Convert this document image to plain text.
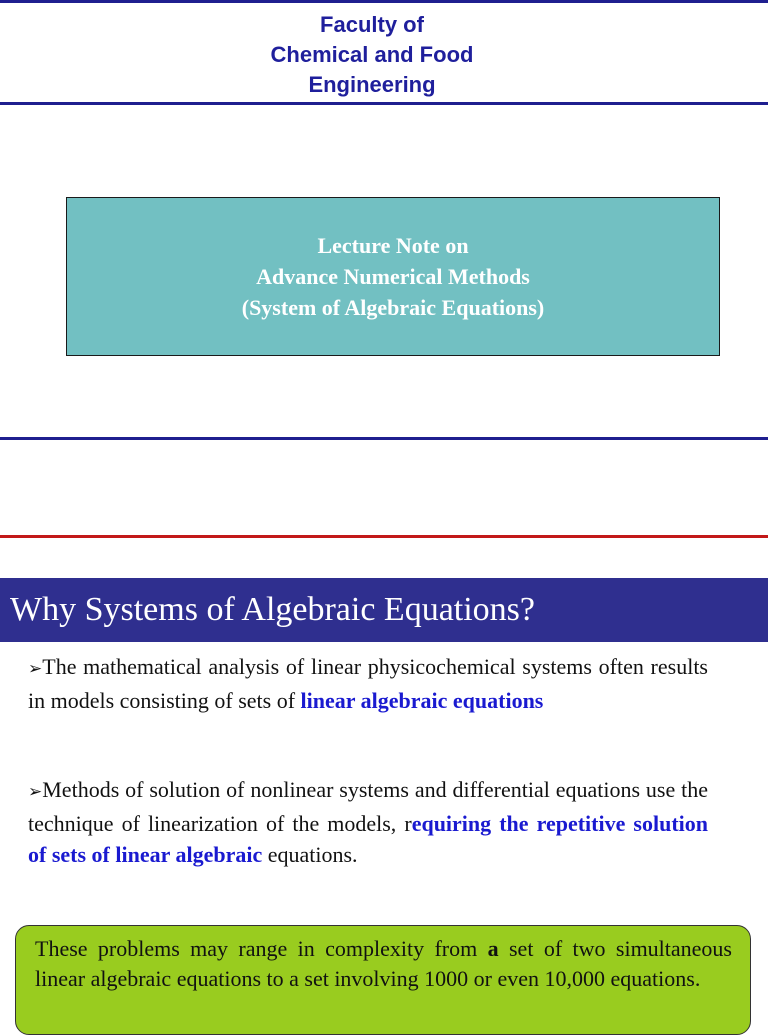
Faculty of
Chemical and Food
Engineering
Lecture Note on
Advance Numerical Methods
(System of Algebraic Equations)
Why Systems of Algebraic Equations?
➢The mathematical analysis of linear physicochemical systems often results in models consisting of sets of linear algebraic equations
➢Methods of solution of nonlinear systems and differential equations use the technique of linearization of the models, requiring the repetitive solution of sets of linear algebraic equations.
These problems may range in complexity from a set of two simultaneous linear algebraic equations to a set involving 1000 or even 10,000 equations.
